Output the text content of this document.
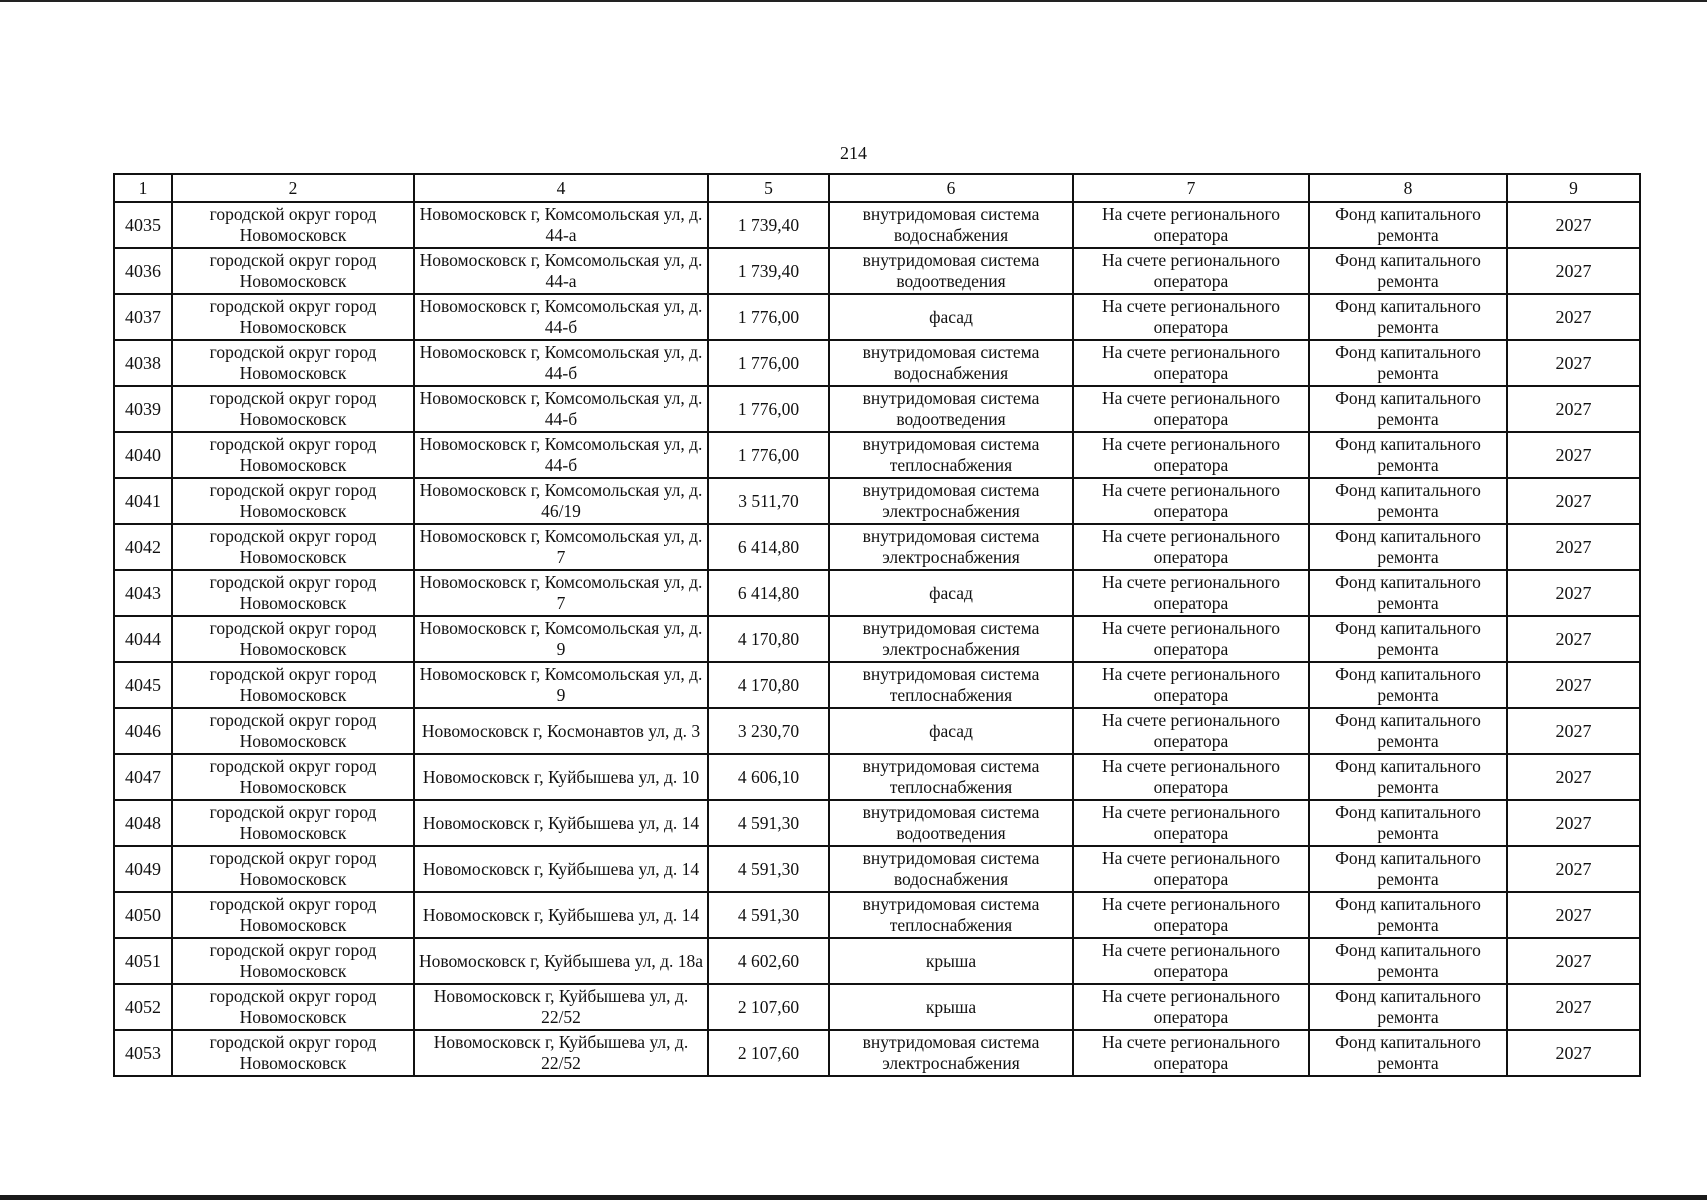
214
1	2	4	5	6	7	8	9
4035	городской округ город Новомосковск	Новомосковск г, Комсомольская ул, д. 44-а	1 739,40	внутридомовая система водоснабжения	На счете регионального оператора	Фонд капитального ремонта	2027
4036	городской округ город Новомосковск	Новомосковск г, Комсомольская ул, д. 44-а	1 739,40	внутридомовая система водоотведения	На счете регионального оператора	Фонд капитального ремонта	2027
4037	городской округ город Новомосковск	Новомосковск г, Комсомольская ул, д. 44-б	1 776,00	фасад	На счете регионального оператора	Фонд капитального ремонта	2027
4038	городской округ город Новомосковск	Новомосковск г, Комсомольская ул, д. 44-б	1 776,00	внутридомовая система водоснабжения	На счете регионального оператора	Фонд капитального ремонта	2027
4039	городской округ город Новомосковск	Новомосковск г, Комсомольская ул, д. 44-б	1 776,00	внутридомовая система водоотведения	На счете регионального оператора	Фонд капитального ремонта	2027
4040	городской округ город Новомосковск	Новомосковск г, Комсомольская ул, д. 44-б	1 776,00	внутридомовая система теплоснабжения	На счете регионального оператора	Фонд капитального ремонта	2027
4041	городской округ город Новомосковск	Новомосковск г, Комсомольская ул, д. 46/19	3 511,70	внутридомовая система электроснабжения	На счете регионального оператора	Фонд капитального ремонта	2027
4042	городской округ город Новомосковск	Новомосковск г, Комсомольская ул, д. 7	6 414,80	внутридомовая система электроснабжения	На счете регионального оператора	Фонд капитального ремонта	2027
4043	городской округ город Новомосковск	Новомосковск г, Комсомольская ул, д. 7	6 414,80	фасад	На счете регионального оператора	Фонд капитального ремонта	2027
4044	городской округ город Новомосковск	Новомосковск г, Комсомольская ул, д. 9	4 170,80	внутридомовая система электроснабжения	На счете регионального оператора	Фонд капитального ремонта	2027
4045	городской округ город Новомосковск	Новомосковск г, Комсомольская ул, д. 9	4 170,80	внутридомовая система теплоснабжения	На счете регионального оператора	Фонд капитального ремонта	2027
4046	городской округ город Новомосковск	Новомосковск г, Космонавтов ул, д. 3	3 230,70	фасад	На счете регионального оператора	Фонд капитального ремонта	2027
4047	городской округ город Новомосковск	Новомосковск г, Куйбышева ул, д. 10	4 606,10	внутридомовая система теплоснабжения	На счете регионального оператора	Фонд капитального ремонта	2027
4048	городской округ город Новомосковск	Новомосковск г, Куйбышева ул, д. 14	4 591,30	внутридомовая система водоотведения	На счете регионального оператора	Фонд капитального ремонта	2027
4049	городской округ город Новомосковск	Новомосковск г, Куйбышева ул, д. 14	4 591,30	внутридомовая система водоснабжения	На счете регионального оператора	Фонд капитального ремонта	2027
4050	городской округ город Новомосковск	Новомосковск г, Куйбышева ул, д. 14	4 591,30	внутридомовая система теплоснабжения	На счете регионального оператора	Фонд капитального ремонта	2027
4051	городской округ город Новомосковск	Новомосковск г, Куйбышева ул, д. 18а	4 602,60	крыша	На счете регионального оператора	Фонд капитального ремонта	2027
4052	городской округ город Новомосковск	Новомосковск г, Куйбышева ул, д. 22/52	2 107,60	крыша	На счете регионального оператора	Фонд капитального ремонта	2027
4053	городской округ город Новомосковск	Новомосковск г, Куйбышева ул, д. 22/52	2 107,60	внутридомовая система электроснабжения	На счете регионального оператора	Фонд капитального ремонта	2027
